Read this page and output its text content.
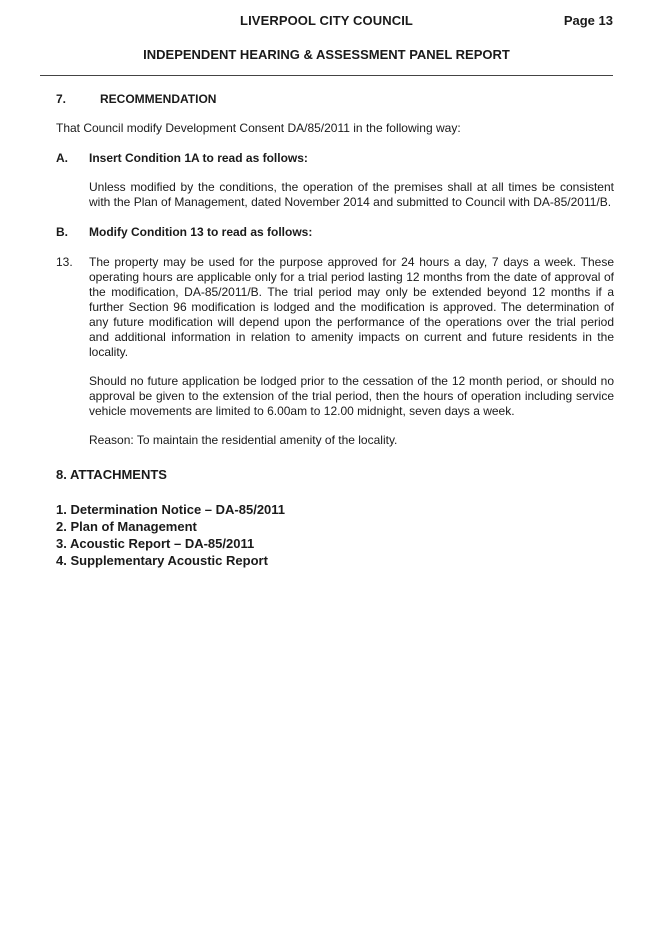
LIVERPOOL CITY COUNCIL	Page 13
INDEPENDENT HEARING & ASSESSMENT PANEL REPORT
7.	RECOMMENDATION
That Council modify Development Consent DA/85/2011 in the following way:
A.	Insert Condition 1A to read as follows:
Unless modified by the conditions, the operation of the premises shall at all times be consistent with the Plan of Management, dated November 2014 and submitted to Council with DA-85/2011/B.
B.	Modify Condition 13 to read as follows:
13.	The property may be used for the purpose approved for 24 hours a day, 7 days a week. These operating hours are applicable only for a trial period lasting 12 months from the date of approval of the modification, DA-85/2011/B. The trial period may only be extended beyond 12 months if a further Section 96 modification is lodged and the modification is approved. The determination of any future modification will depend upon the performance of the operations over the trial period and additional information in relation to amenity impacts on current and future residents in the locality.
Should no future application be lodged prior to the cessation of the 12 month period, or should no approval be given to the extension of the trial period, then the hours of operation including service vehicle movements are limited to 6.00am to 12.00 midnight, seven days a week.
Reason: To maintain the residential amenity of the locality.
8. ATTACHMENTS
1. Determination Notice – DA-85/2011
2. Plan of Management
3. Acoustic Report – DA-85/2011
4. Supplementary Acoustic Report
